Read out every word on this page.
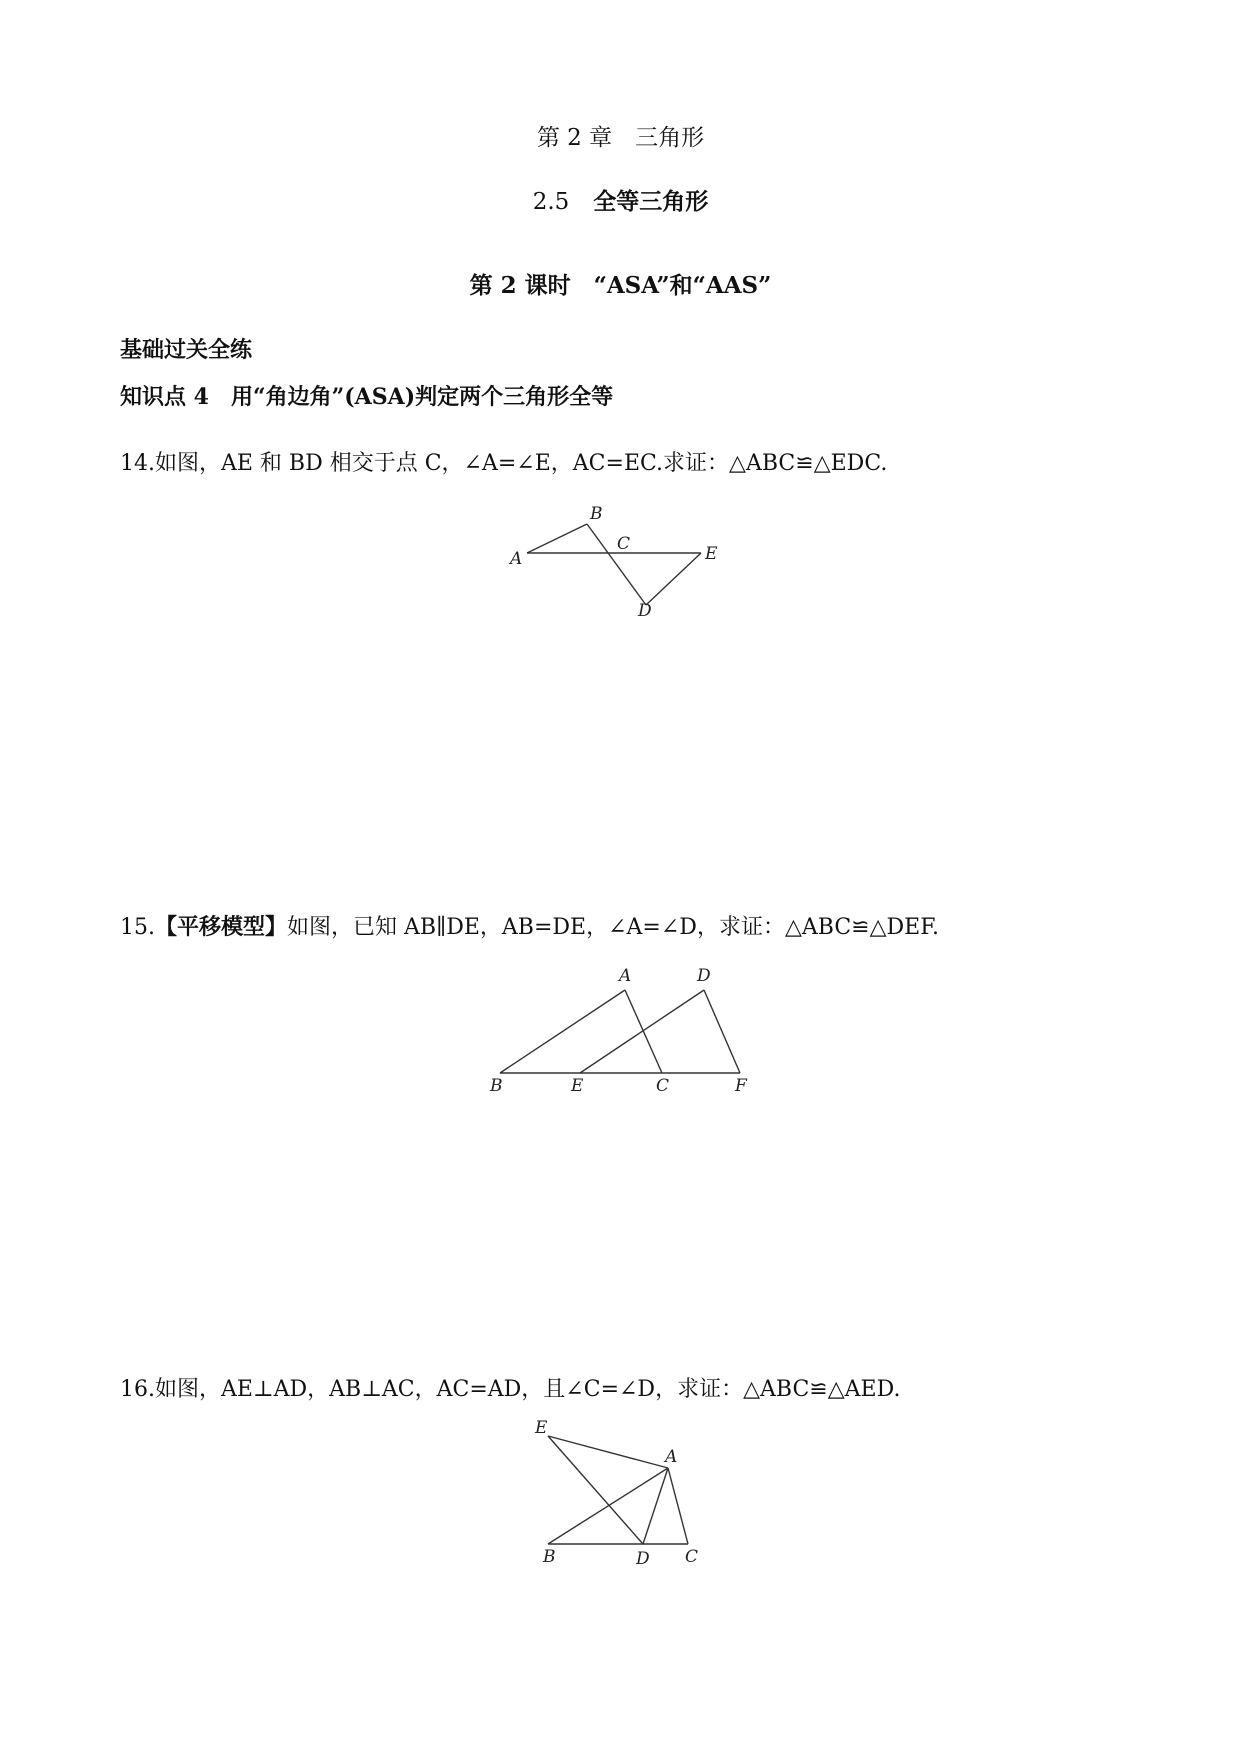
第 2 章　三角形
2.5 全等三角形
第 2 课时　“ASA”和“AAS”
基础过关全练
知识点 4　用“角边角”(ASA)判定两个三角形全等
14.如图，AE 和 BD 相交于点 C，∠A=∠E，AC=EC.求证：△ABC≌△EDC.
B
A
C	E
D
15.【平移模型】如图，已知 AB∥DE，AB=DE，∠A=∠D，求证：△ABC≌△DEF.
A	D
B	E	C	F
16.如图，AE⊥AD，AB⊥AC，AC=AD，且∠C=∠D，求证：△ABC≌△AED.
E
A
B	D C
